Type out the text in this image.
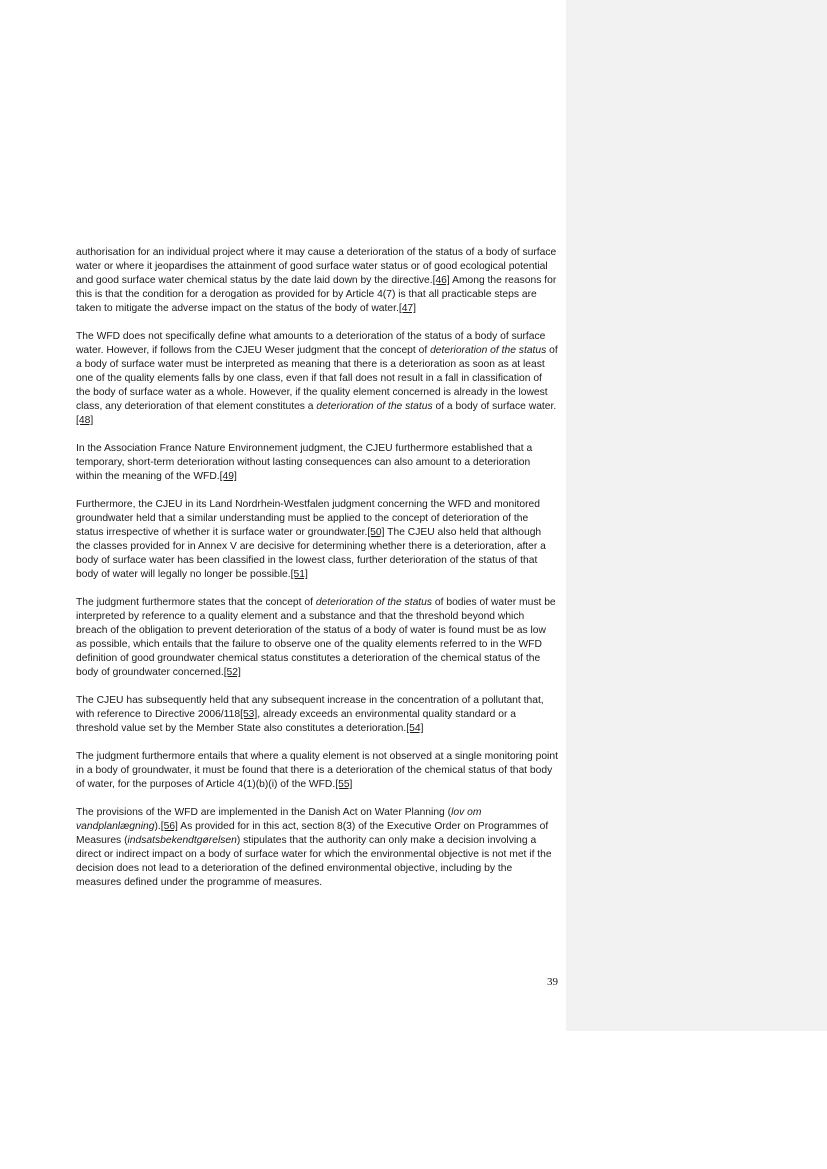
authorisation for an individual project where it may cause a deterioration of the status of a body of surface water or where it jeopardises the attainment of good surface water status or of good ecological potential and good surface water chemical status by the date laid down by the directive.[46] Among the reasons for this is that the condition for a derogation as provided for by Article 4(7) is that all practicable steps are taken to mitigate the adverse impact on the status of the body of water.[47]

The WFD does not specifically define what amounts to a deterioration of the status of a body of surface water. However, if follows from the CJEU Weser judgment that the concept of deterioration of the status of a body of surface water must be interpreted as meaning that there is a deterioration as soon as at least one of the quality elements falls by one class, even if that fall does not result in a fall in classification of the body of surface water as a whole. However, if the quality element concerned is already in the lowest class, any deterioration of that element constitutes a deterioration of the status of a body of surface water.[48]

In the Association France Nature Environnement judgment, the CJEU furthermore established that a temporary, short-term deterioration without lasting consequences can also amount to a deterioration within the meaning of the WFD.[49]

Furthermore, the CJEU in its Land Nordrhein-Westfalen judgment concerning the WFD and monitored groundwater held that a similar understanding must be applied to the concept of deterioration of the status irrespective of whether it is surface water or groundwater.[50] The CJEU also held that although the classes provided for in Annex V are decisive for determining whether there is a deterioration, after a body of surface water has been classified in the lowest class, further deterioration of the status of that body of water will legally no longer be possible.[51]

The judgment furthermore states that the concept of deterioration of the status of bodies of water must be interpreted by reference to a quality element and a substance and that the threshold beyond which breach of the obligation to prevent deterioration of the status of a body of water is found must be as low as possible, which entails that the failure to observe one of the quality elements referred to in the WFD definition of good groundwater chemical status constitutes a deterioration of the chemical status of the body of groundwater concerned.[52]

The CJEU has subsequently held that any subsequent increase in the concentration of a pollutant that, with reference to Directive 2006/118[53], already exceeds an environmental quality standard or a threshold value set by the Member State also constitutes a deterioration.[54]

The judgment furthermore entails that where a quality element is not observed at a single monitoring point in a body of groundwater, it must be found that there is a deterioration of the chemical status of that body of water, for the purposes of Article 4(1)(b)(i) of the WFD.[55]

The provisions of the WFD are implemented in the Danish Act on Water Planning (lov om vandplanlægning).[56] As provided for in this act, section 8(3) of the Executive Order on Programmes of Measures (indsatsbekendtgørelsen) stipulates that the authority can only make a decision involving a direct or indirect impact on a body of surface water for which the environmental objective is not met if the decision does not lead to a deterioration of the defined environmental objective, including by the measures defined under the programme of measures.

39
